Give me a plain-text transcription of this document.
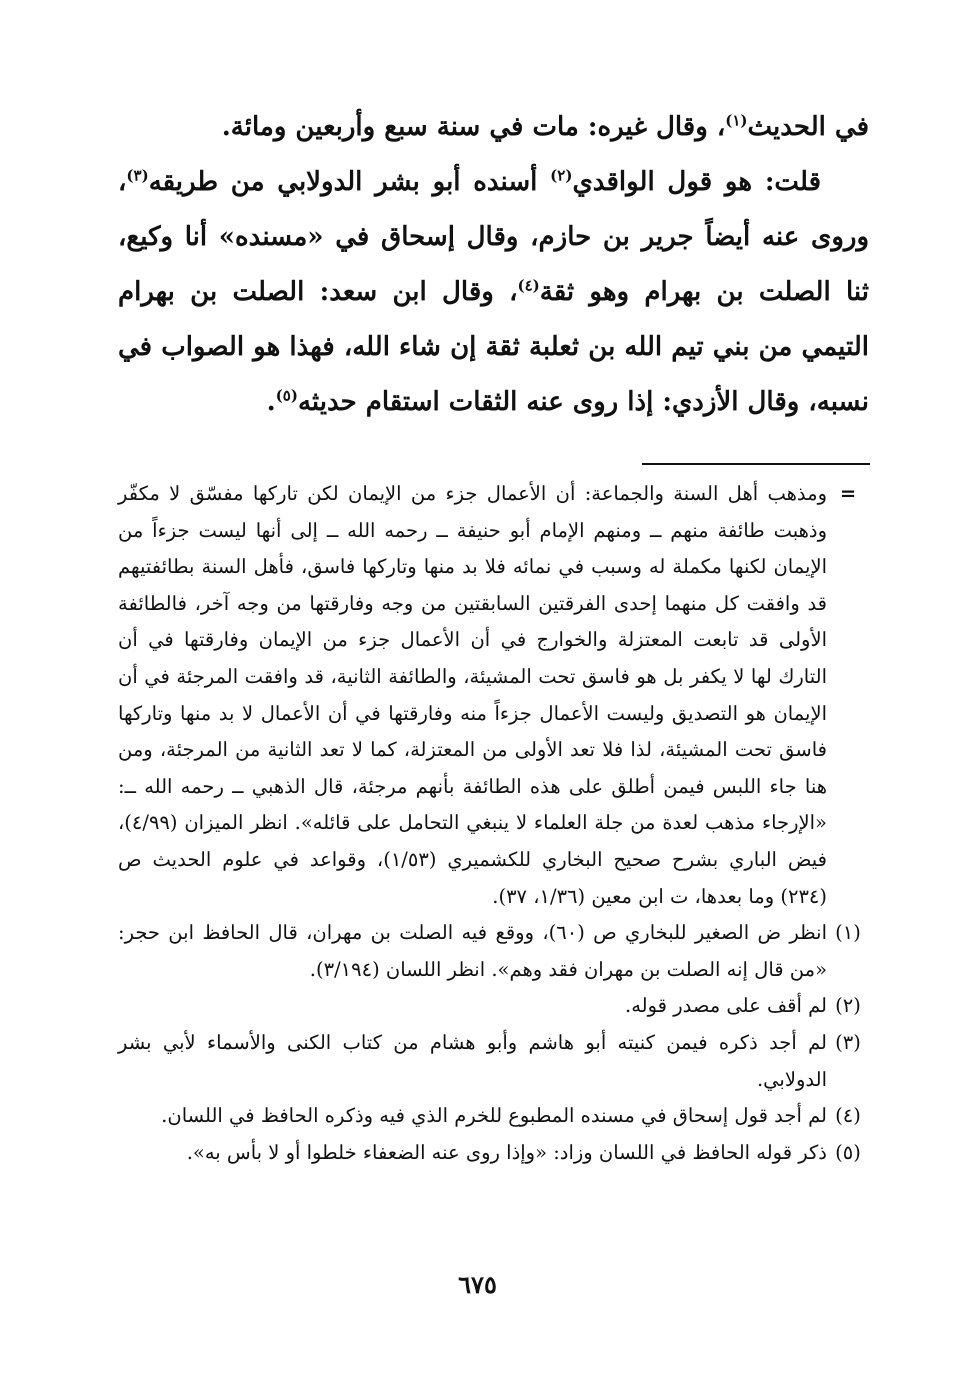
في الحديث$^{(١)}$، وقال غيره: مات في سنة سبع وأربعين ومائة.

قلت: هو قول الواقدي$^{(٢)}$ أسنده أبو بشر الدولابي من طريقه$^{(٣)}$، وروى عنه أيضاً جرير بن حازم، وقال إسحاق في «مسنده» أنا وكيع، ثنا الصلت بن بهرام وهو ثقة$^{(٤)}$، وقال ابن سعد: الصلت بن بهرام التيمي من بني تيم الله بن ثعلبة ثقة إن شاء الله، فهذا هو الصواب في نسبه، وقال الأزدي: إذا روى عنه الثقات استقام حديثه$^{(٥)}$.

=

ومذهب أهل السنة والجماعة: أن الأعمال جزء من الإيمان لكن تاركها مفسّق لا مكفّر وذهبت طائفة منهم ــ ومنهم الإمام أبو حنيفة ــ رحمه الله ــ إلى أنها ليست جزءاً من الإيمان لكنها مكملة له وسبب في نمائه فلا بد منها وتاركها فاسق، فأهل السنة بطائفتيهم قد وافقت كل منهما إحدى الفرقتين السابقتين من وجه وفارقتها من وجه آخر، فالطائفة الأولى قد تابعت المعتزلة والخوارج في أن الأعمال جزء من الإيمان وفارقتها في أن التارك لها لا يكفر بل هو فاسق تحت المشيئة، والطائفة الثانية، قد وافقت المرجئة في أن الإيمان هو التصديق وليست الأعمال جزءاً منه وفارقتها في أن الأعمال لا بد منها وتاركها فاسق تحت المشيئة، لذا فلا تعد الأولى من المعتزلة، كما لا تعد الثانية من المرجئة، ومن هنا جاء اللبس فيمن أطلق على هذه الطائفة بأنهم مرجئة، قال الذهبي ــ رحمه الله ــ: «الإرجاء مذهب لعدة من جلة العلماء لا ينبغي التحامل على قائله». انظر الميزان (٤/٩٩)، فيض الباري بشرح صحيح البخاري للكشميري (١/٥٣)، وقواعد في علوم الحديث ص (٢٣٤) وما بعدها، ت ابن معين (١/٣٦، ٣٧).

(١)

انظر ض الصغير للبخاري ص (٦٠)، ووقع فيه الصلت بن مهران، قال الحافظ ابن حجر: «من قال إنه الصلت بن مهران فقد وهم». انظر اللسان (٣/١٩٤).

(٢)

لم أقف على مصدر قوله.

(٣)

لم أجد ذكره فيمن كنيته أبو هاشم وأبو هشام من كتاب الكنى والأسماء لأبي بشر الدولابي.

(٤)

لم أجد قول إسحاق في مسنده المطبوع للخرم الذي فيه وذكره الحافظ في اللسان.

(٥)

ذكر قوله الحافظ في اللسان وزاد: «وإذا روى عنه الضعفاء خلطوا أو لا بأس به».

٦٧٥
